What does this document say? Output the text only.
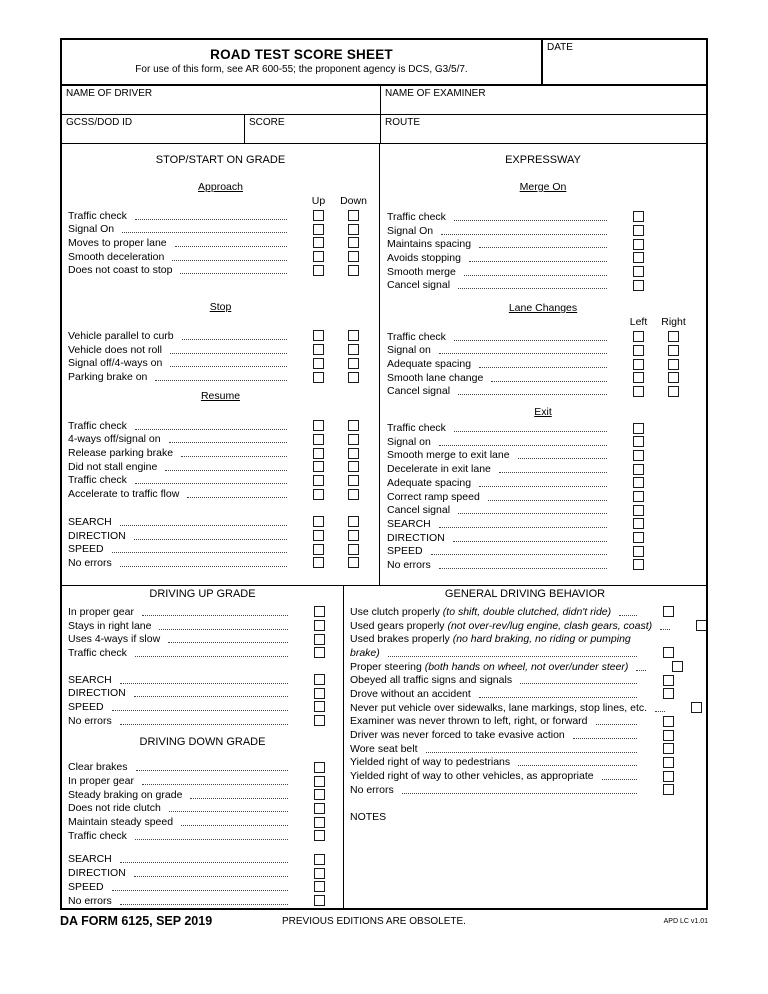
ROAD TEST SCORE SHEET
For use of this form, see AR 600-55; the proponent agency is DCS, G3/5/7.
DATE
NAME OF DRIVER	NAME OF EXAMINER
GCSS/DOD ID	SCORE	ROUTE
STOP/START ON GRADE
Approach
Up	Down
Traffic check
Signal On
Moves to proper lane
Smooth deceleration
Does not coast to stop
Stop
Vehicle parallel to curb
Vehicle does not roll
Signal off/4-ways on
Parking brake on
Resume
Traffic check
4-ways off/signal on
Release parking brake
Did not stall engine
Traffic check
Accelerate to traffic flow
SEARCH
DIRECTION
SPEED
No errors
EXPRESSWAY
Merge On
Traffic check
Signal On
Maintains spacing
Avoids stopping
Smooth merge
Cancel signal
Lane Changes
Left	Right
Traffic check
Signal on
Adequate spacing
Smooth lane change
Cancel signal
Exit
Traffic check
Signal on
Smooth merge to exit lane
Decelerate in exit lane
Adequate spacing
Correct ramp speed
Cancel signal
SEARCH
DIRECTION
SPEED
No errors
DRIVING UP GRADE
In proper gear
Stays in right lane
Uses 4-ways if slow
Traffic check
SEARCH
DIRECTION
SPEED
No errors
DRIVING DOWN GRADE
Clear brakes
In proper gear
Steady braking on grade
Does not ride clutch
Maintain steady speed
Traffic check
SEARCH
DIRECTION
SPEED
No errors
GENERAL DRIVING BEHAVIOR
Use clutch properly (to shift, double clutched, didn't ride)
Used gears properly (not over-rev/lug engine, clash gears, coast)
Used brakes properly (no hard braking, no riding or pumping
brake)
Proper steering (both hands on wheel, not over/under steer)
Obeyed all traffic signs and signals
Drove without an accident
Never put vehicle over sidewalks, lane markings, stop lines, etc.
Examiner was never thrown to left, right, or forward
Driver was never forced to take evasive action
Wore seat belt
Yielded right of way to pedestrians
Yielded right of way to other vehicles, as appropriate
No errors
NOTES
DA FORM 6125, SEP 2019	PREVIOUS EDITIONS ARE OBSOLETE.	APD LC v1.01
